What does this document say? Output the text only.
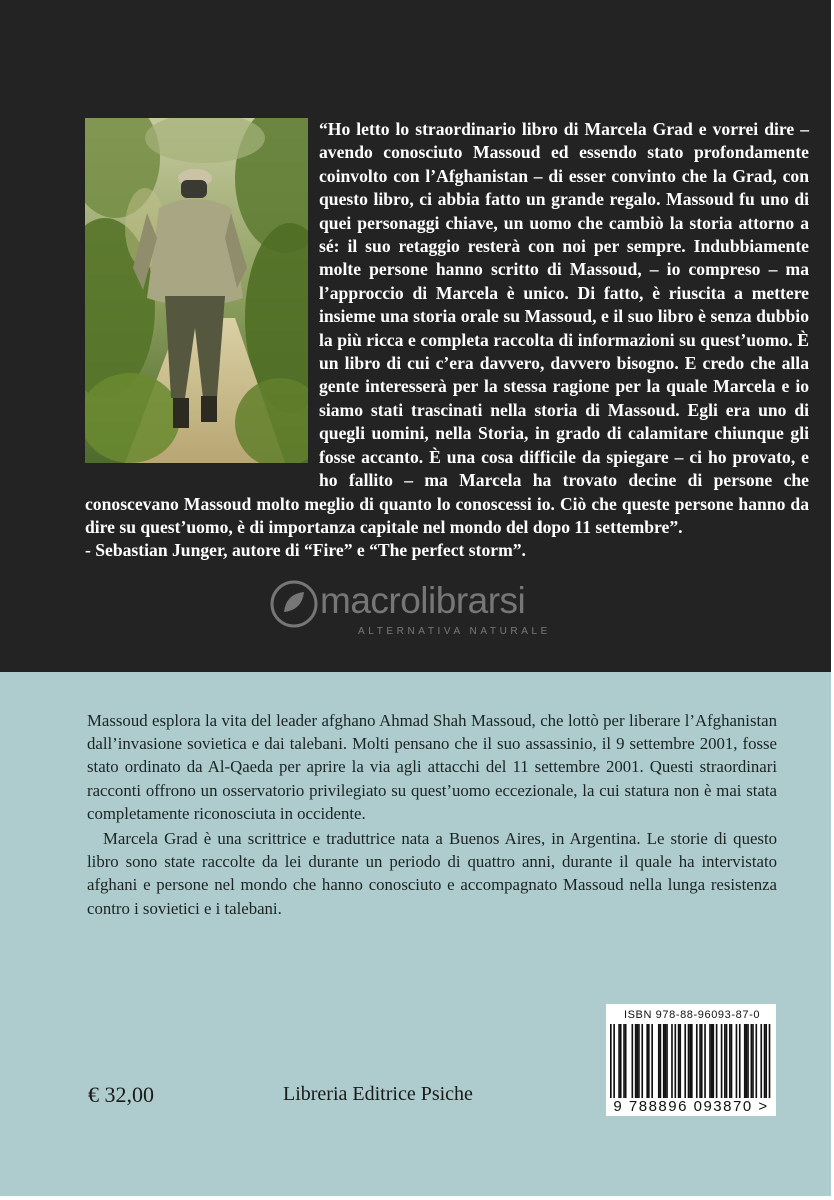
“Ho letto lo straordinario libro di Marcela Grad e vorrei dire – avendo conosciuto Massoud ed essendo stato profondamente coinvolto con l’Afghanistan – di esser convinto che la Grad, con questo libro, ci abbia fatto un grande regalo. Massoud fu uno di quei personaggi chiave, un uomo che cambiò la storia attorno a sé: il suo retaggio resterà con noi per sempre. Indubbiamente molte persone hanno scritto di Massoud, – io compreso – ma l’approccio di Marcela è unico. Di fatto, è riuscita a mettere insieme una storia orale su Massoud, e il suo libro è senza dubbio la più ricca e completa raccolta di informazioni su quest’uomo. È un libro di cui c’era davvero, davvero bisogno. E credo che alla gente interesserà per la stessa ragione per la quale Marcela e io siamo stati trascinati nella storia di Massoud. Egli era uno di quegli uomini, nella Storia, in grado di calamitare chiunque gli fosse accanto. È una cosa difficile da spiegare – ci ho provato, e ho fallito – ma Marcela ha trovato decine di persone che conoscevano Massoud molto meglio di quanto lo conoscessi io. Ciò che queste persone hanno da dire su quest’uomo, è di importanza capitale nel mondo del dopo 11 settembre”.

- Sebastian Junger, autore di “Fire” e “The perfect storm”.

macrolibrarsi
ALTERNATIVA NATURALE

Massoud esplora la vita del leader afghano Ahmad Shah Massoud, che lottò per liberare l’Afghanistan dall’invasione sovietica e dai talebani. Molti pensano che il suo assassinio, il 9 settembre 2001, fosse stato ordinato da Al-Qaeda per aprire la via agli attacchi del 11 settembre 2001. Questi straordinari racconti offrono un osservatorio privilegiato su quest’uomo eccezionale, la cui statura non è mai stata completamente riconosciuta in occidente.

Marcela Grad è una scrittrice e traduttrice nata a Buenos Aires, in Argentina. Le storie di questo libro sono state raccolte da lei durante un periodo di quattro anni, durante il quale ha intervistato afghani e persone nel mondo che hanno conosciuto e accompagnato Massoud nella lunga resistenza contro i sovietici e i talebani.

ISBN 978-88-96093-87-0
9 788896 093870 >
€ 32,00	Libreria Editrice Psiche
